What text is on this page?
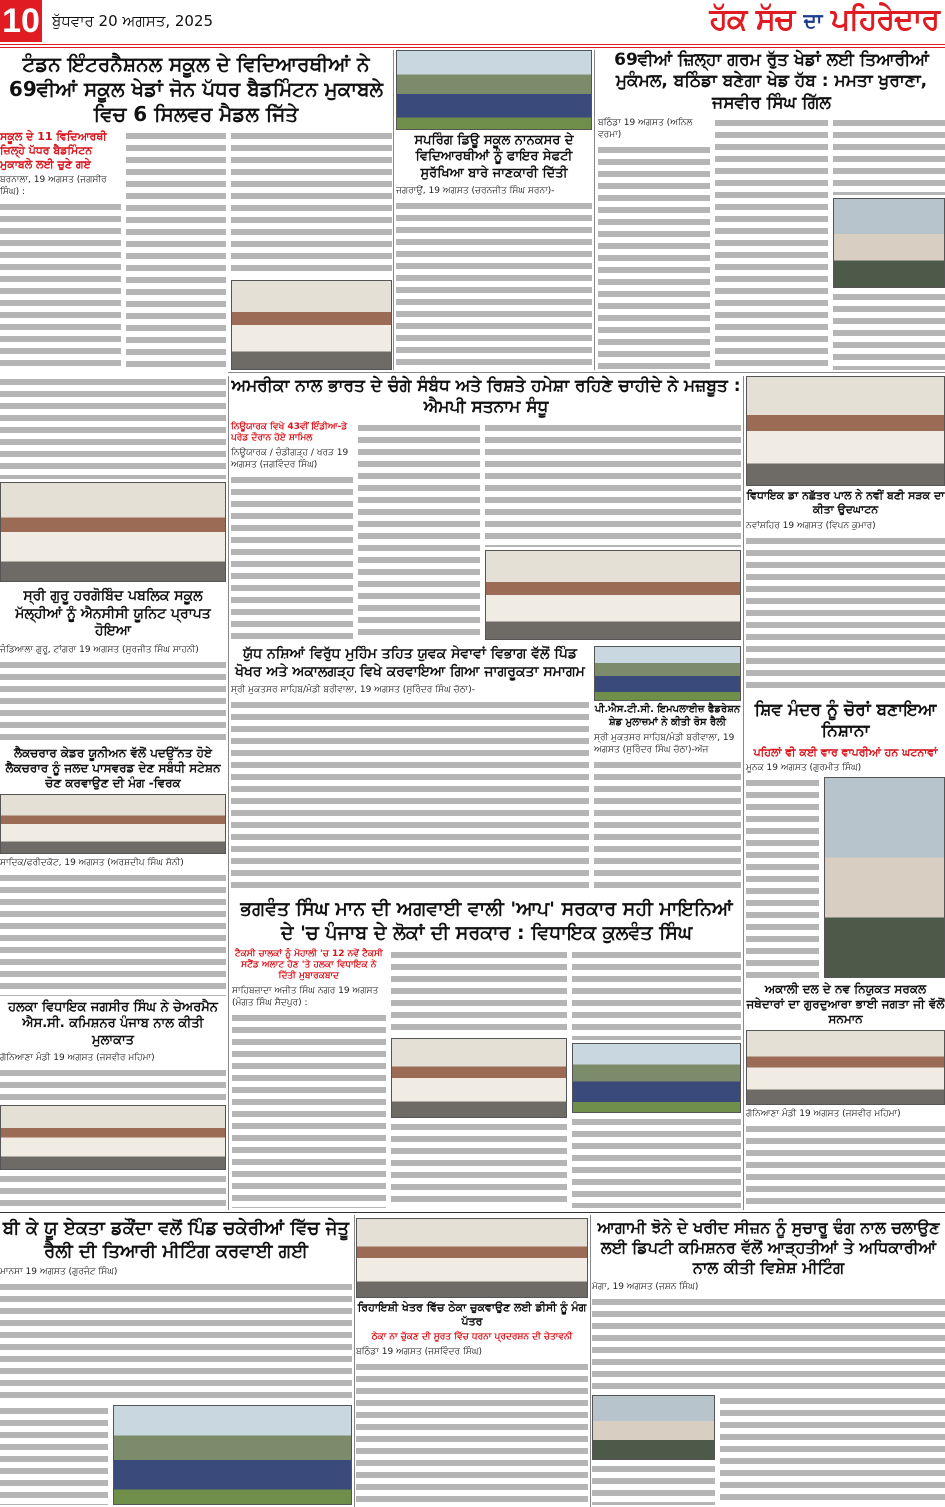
10 ਬੁੱਧਵਾਰ 20 ਅਗਸਤ, 2025	ਹੱਕ ਸੱਚ ਦਾ ਪਹਿਰੇਦਾਰ
ਟੰਡਨ ਇੰਟਰਨੈਸ਼ਨਲ ਸਕੂਲ ਦੇ ਵਿਦਿਆਰਥੀਆਂ ਨੇ 69ਵੀਆਂ ਸਕੂਲ ਖੇਡਾਂ ਜੋਨ ਪੱਧਰ ਬੈਡਮਿੰਟਨ ਮੁਕਾਬਲੇ ਵਿਚ 6 ਸਿਲਵਰ ਮੈਡਲ ਜਿੱਤੇ
ਸਕੂਲ ਦੇ 11 ਵਿਦਿਆਰਥੀ ਜ਼ਿਲ੍ਹੇ ਪੱਧਰ ਬੈਡਮਿੰਟਨ ਮੁਕਾਬਲੇ ਲਈ ਚੁਣੇ ਗਏ
ਬਰਨਾਲਾ, 19 ਅਗਸਤ (ਜਗਸੀਰ ਸਿੰਘ) :
ਸਪਰਿੰਗ ਡਿਊ ਸਕੂਲ ਨਾਨਕਸਰ ਦੇ ਵਿਦਿਆਰਥੀਆਂ ਨੂੰ ਫਾਇਰ ਸੇਫਟੀ ਸੁਰੱਖਿਆ ਬਾਰੇ ਜਾਣਕਾਰੀ ਦਿੱਤੀ
ਜਗਰਾਉਂ, 19 ਅਗਸਤ (ਚਰਨਜੀਤ ਸਿੰਘ ਸਰਨਾ)-
69ਵੀਆਂ ਜ਼ਿਲ੍ਹਾ ਗਰਮ ਰੁੱਤ ਖੇਡਾਂ ਲਈ ਤਿਆਰੀਆਂ ਮੁਕੰਮਲ, ਬਠਿੰਡਾ ਬਣੇਗਾ ਖੇਡ ਹੱਬ : ਮਮਤਾ ਖੁਰਾਣਾ, ਜਸਵੀਰ ਸਿੰਘ ਗਿੱਲ
ਬਠਿੰਡਾ 19 ਅਗਸਤ (ਅਨਿਲ ਵਰਮਾ)
ਅਮਰੀਕਾ ਨਾਲ ਭਾਰਤ ਦੇ ਚੰਗੇ ਸੰਬੰਧ ਅਤੇ ਰਿਸ਼ਤੇ ਹਮੇਸ਼ਾ ਰਹਿਣੇ ਚਾਹੀਦੇ ਨੇ ਮਜ਼ਬੂਤ : ਐਮਪੀ ਸਤਨਾਮ ਸੰਧੂ
ਨਿਊਯਾਰਕ ਵਿਖੇ 43ਵੀਂ ਇੰਡੀਆ-ਡੇ ਪਰੇਡ ਦੌਰਾਨ ਹੋਏ ਸ਼ਾਮਿਲ
ਨਿਊਯਾਰਕ / ਚੰਡੀਗੜ੍ਹ / ਖਰੜ 19 ਅਗਸਤ (ਜਗਵਿੰਦਰ ਸਿੰਘ)
ਵਿਧਾਇਕ ਡਾ ਨਛੱਤਰ ਪਾਲ ਨੇ ਨਵੀਂ ਬਣੀ ਸੜਕ ਦਾ ਕੀਤਾ ਉਦਘਾਟਨ
ਨਵਾਂਸ਼ਹਿਰ 19 ਅਗਸਤ (ਵਿਪਨ ਕੁਮਾਰ)
ਸ੍ਰੀ ਗੁਰੂ ਹਰਗੋਬਿੰਦ ਪਬਲਿਕ ਸਕੂਲ ਮੱਲ੍ਹੀਆਂ ਨੂੰ ਐਨਸੀਸੀ ਯੂਨਿਟ ਪ੍ਰਾਪਤ ਹੋਇਆ
ਜੰਡਿਆਲਾ ਗੁਰੂ, ਟਾਂਗਰਾ 19 ਅਗਸਤ (ਸੁਰਜੀਤ ਸਿੰਘ ਸਾਹਨੀ)	ਯੁੱਧ ਨਸ਼ਿਆਂ ਵਿਰੁੱਧ ਮੁਹਿੰਮ ਤਹਿਤ ਯੁਵਕ ਸੇਵਾਵਾਂ ਵਿਭਾਗ ਵੱਲੋਂ ਪਿੰਡ ਖੋਖਰ ਅਤੇ ਅਕਾਲਗੜ੍ਹ ਵਿਖੇ ਕਰਵਾਇਆ ਗਿਆ ਜਾਗਰੂਕਤਾ ਸਮਾਗਮ
ਸ੍ਰੀ ਮੁਕਤਸਰ ਸਾਹਿਬ/ਮੰਡੀ ਬਰੀਵਾਲਾ, 19 ਅਗਸਤ (ਸੁਰਿੰਦਰ ਸਿੰਘ ਚੱਠਾ)-
ਪੀ.ਐਸ.ਟੀ.ਸੀ. ਇਮਪਲਾਈਜ਼ ਫੈਡਰੇਸ਼ਨ ਸ਼ੇਡ ਮੁਲਾਜ਼ਮਾਂ ਨੇ ਕੀਤੀ ਰੋਸ ਰੈਲੀ
ਸ੍ਰੀ ਮੁਕਤਸਰ ਸਾਹਿਬ/ਮੰਡੀ ਬਰੀਵਾਲਾ, 19 ਅਗਸਤ (ਸੁਰਿੰਦਰ ਸਿੰਘ ਚੱਠਾ)-ਅੱਜ
ਸ਼ਿਵ ਮੰਦਰ ਨੂੰ ਚੋਰਾਂ ਬਣਾਇਆ ਨਿਸ਼ਾਨਾ
ਪਹਿਲਾਂ ਵੀ ਕਈ ਵਾਰ ਵਾਪਰੀਆਂ ਹਨ ਘਟਨਾਵਾਂ
ਮੂਨਕ 19 ਅਗਸਤ (ਗੁਰਮੀਤ ਸਿੰਘ)
ਲੈਕਚਰਾਰ ਕੇਡਰ ਯੂਨੀਅਨ ਵੱਲੋਂ ਪਦਉੱਨਤ ਹੋਏ ਲੈਕਚਰਾਰ ਨੂੰ ਜਲਦ ਪਾਸਵਰਡ ਦੇਣ ਸਬੰਧੀ ਸਟੇਸ਼ਨ ਚੋਣ ਕਰਵਾਉਣ ਦੀ ਮੰਗ -ਵਿਰਕ
ਸਾਦਿਕ/ਫਰੀਦਕੋਟ, 19 ਅਗਸਤ (ਅਰਸ਼ਦੀਪ ਸਿੰਘ ਸੋਨੀ)
ਭਗਵੰਤ ਸਿੰਘ ਮਾਨ ਦੀ ਅਗਵਾਈ ਵਾਲੀ 'ਆਪ' ਸਰਕਾਰ ਸਹੀ ਮਾਇਨਿਆਂ ਦੇ 'ਚ ਪੰਜਾਬ ਦੇ ਲੋਕਾਂ ਦੀ ਸਰਕਾਰ : ਵਿਧਾਇਕ ਕੁਲਵੰਤ ਸਿੰਘ
ਟੈਕਸੀ ਚਾਲਕਾਂ ਨੂੰ ਮੋਹਾਲੀ 'ਚ 12 ਨਵੇਂ ਟੈਕਸੀ ਸਟੈਂਡ ਅਲਾਟ ਹੋਣ 'ਤੇ ਹਲਕਾ ਵਿਧਾਇਕ ਨੇ ਦਿੱਤੀ ਮੁਬਾਰਕਬਾਦ
ਸਾਹਿਬਜ਼ਾਦਾ ਅਜੀਤ ਸਿੰਘ ਨਗਰ 19 ਅਗਸਤ (ਮੰਗਤ ਸਿੰਘ ਸੈਦਪੁਰ) :
ਅਕਾਲੀ ਦਲ ਦੇ ਨਵ ਨਿਯੁਕਤ ਸਰਕਲ ਜਥੇਦਾਰਾਂ ਦਾ ਗੁਰਦੁਆਰਾ ਭਾਈ ਜਗਤਾ ਜੀ ਵੱਲੋਂ ਸਨਮਾਨ
ਗੋਨਿਆਣਾ ਮੰਡੀ 19 ਅਗਸਤ (ਜਸਵੀਰ ਮਹਿਮਾ)
ਹਲਕਾ ਵਿਧਾਇਕ ਜਗਸੀਰ ਸਿੰਘ ਨੇ ਚੇਅਰਮੈਨ ਐਸ.ਸੀ. ਕਮਿਸ਼ਨਰ ਪੰਜਾਬ ਨਾਲ ਕੀਤੀ ਮੁਲਾਕਾਤ
ਗੋਨਿਆਣਾ ਮੰਡੀ 19 ਅਗਸਤ (ਜਸਵੀਰ ਮਹਿਮਾ)
ਬੀ ਕੇ ਯੂ ਏਕਤਾ ਡਕੌਂਦਾ ਵਲੋਂ ਪਿੰਡ ਚਕੇਰੀਆਂ ਵਿੱਚ ਜੇਤੂ ਰੈਲੀ ਦੀ ਤਿਆਰੀ ਮੀਟਿੰਗ ਕਰਵਾਈ ਗਈ
ਮਾਨਸਾ 19 ਅਗਸਤ (ਗੁਰਜੰਟ ਸਿੰਘ)
ਰਿਹਾਇਸ਼ੀ ਖੇਤਰ ਵਿੱਚ ਠੇਕਾ ਚੁਕਵਾਉਣ ਲਈ ਡੀਸੀ ਨੂੰ ਮੰਗ ਪੱਤਰ
ਠੇਕਾ ਨਾ ਚੁੱਕਣ ਦੀ ਸੂਰਤ ਵਿੱਚ ਧਰਨਾ ਪ੍ਰਦਰਸ਼ਨ ਦੀ ਚੇਤਾਵਨੀ
ਬਠਿੰਡਾ 19 ਅਗਸਤ (ਜਸਵਿੰਦਰ ਸਿੰਘ)
ਆਗਾਮੀ ਝੋਨੇ ਦੇ ਖਰੀਦ ਸੀਜ਼ਨ ਨੂੰ ਸੁਚਾਰੂ ਢੰਗ ਨਾਲ ਚਲਾਉਣ ਲਈ ਡਿਪਟੀ ਕਮਿਸ਼ਨਰ ਵੱਲੋਂ ਆੜ੍ਹਤੀਆਂ ਤੇ ਅਧਿਕਾਰੀਆਂ ਨਾਲ ਕੀਤੀ ਵਿਸ਼ੇਸ਼ ਮੀਟਿੰਗ
ਮੋਗਾ, 19 ਅਗਸਤ (ਜਸ਼ਨ ਸਿੰਘ)
